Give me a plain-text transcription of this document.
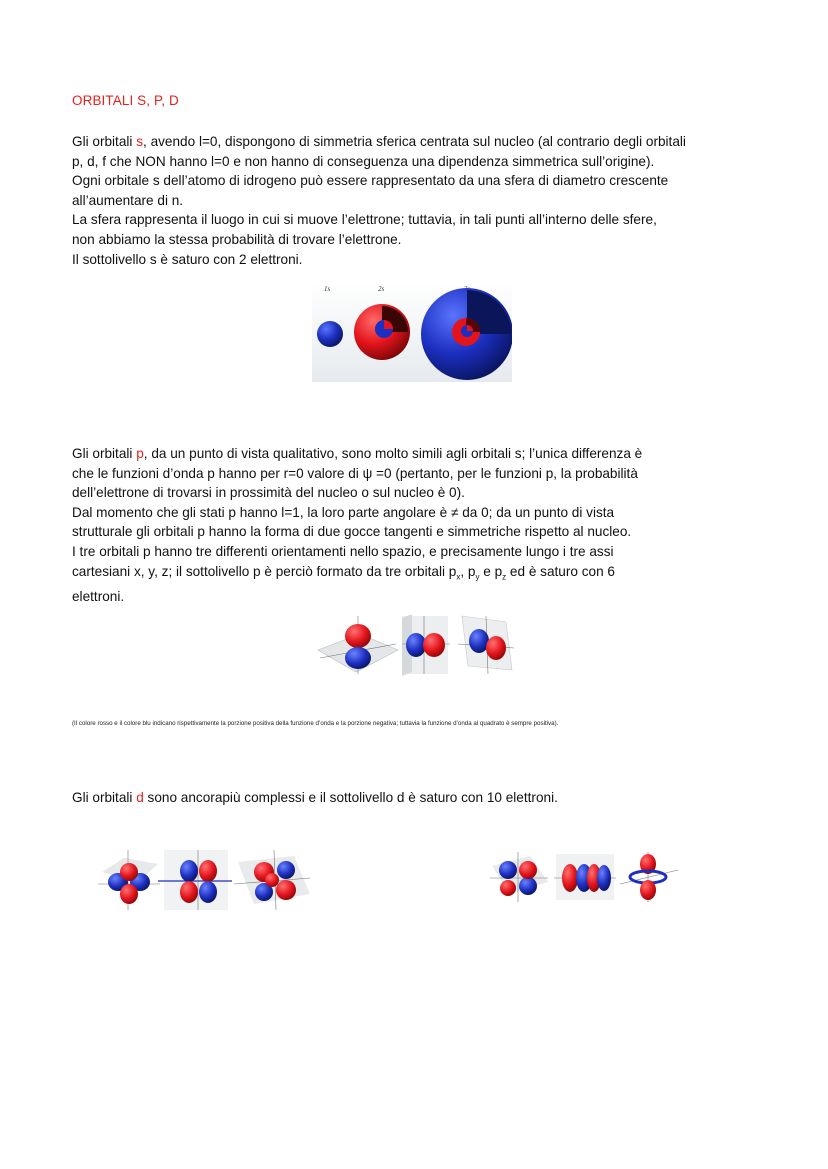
ORBITALI S, P, D

Gli orbitali s, avendo l=0, dispongono di simmetria sferica centrata sul nucleo (al contrario degli orbitali

p, d, f che NON hanno l=0 e non hanno di conseguenza una dipendenza simmetrica sull’origine).

Ogni orbitale s dell’atomo di idrogeno può essere rappresentato da una sfera di diametro crescente

all’aumentare di n.

La sfera rappresenta il luogo in cui si muove l’elettrone; tuttavia, in tali punti all’interno delle sfere,

non abbiamo la stessa probabilità di trovare l’elettrone.

Il sottolivello s è saturo con 2 elettroni.

1s	2s

Gli orbitali p, da un punto di vista qualitativo, sono molto simili agli orbitali s; l’unica differenza è

che le funzioni d’onda p hanno per r=0 valore di ψ =0 (pertanto, per le funzioni p, la probabilità

dell’elettrone di trovarsi in prossimità del nucleo o sul nucleo è 0).

Dal momento che gli stati p hanno l=1, la loro parte angolare è ≠ da 0; da un punto di vista

strutturale gli orbitali p hanno la forma di due gocce tangenti e simmetriche rispetto al nucleo.

I tre orbitali p hanno tre differenti orientamenti nello spazio, e precisamente lungo i tre assi

cartesiani x, y, z; il sottolivello p è perciò formato da tre orbitali $p_x$, $p_y$ e $p_z$ ed è saturo con 6

elettroni.

(Il colore rosso e il colore blu indicano rispettivamente la porzione positiva della funzione d’onda e la porzione negativa; tuttavia la funzione d’onda al quadrato è sempre positiva).

Gli orbitali d sono ancorapiù complessi e il sottolivello d è saturo con 10 elettroni.
